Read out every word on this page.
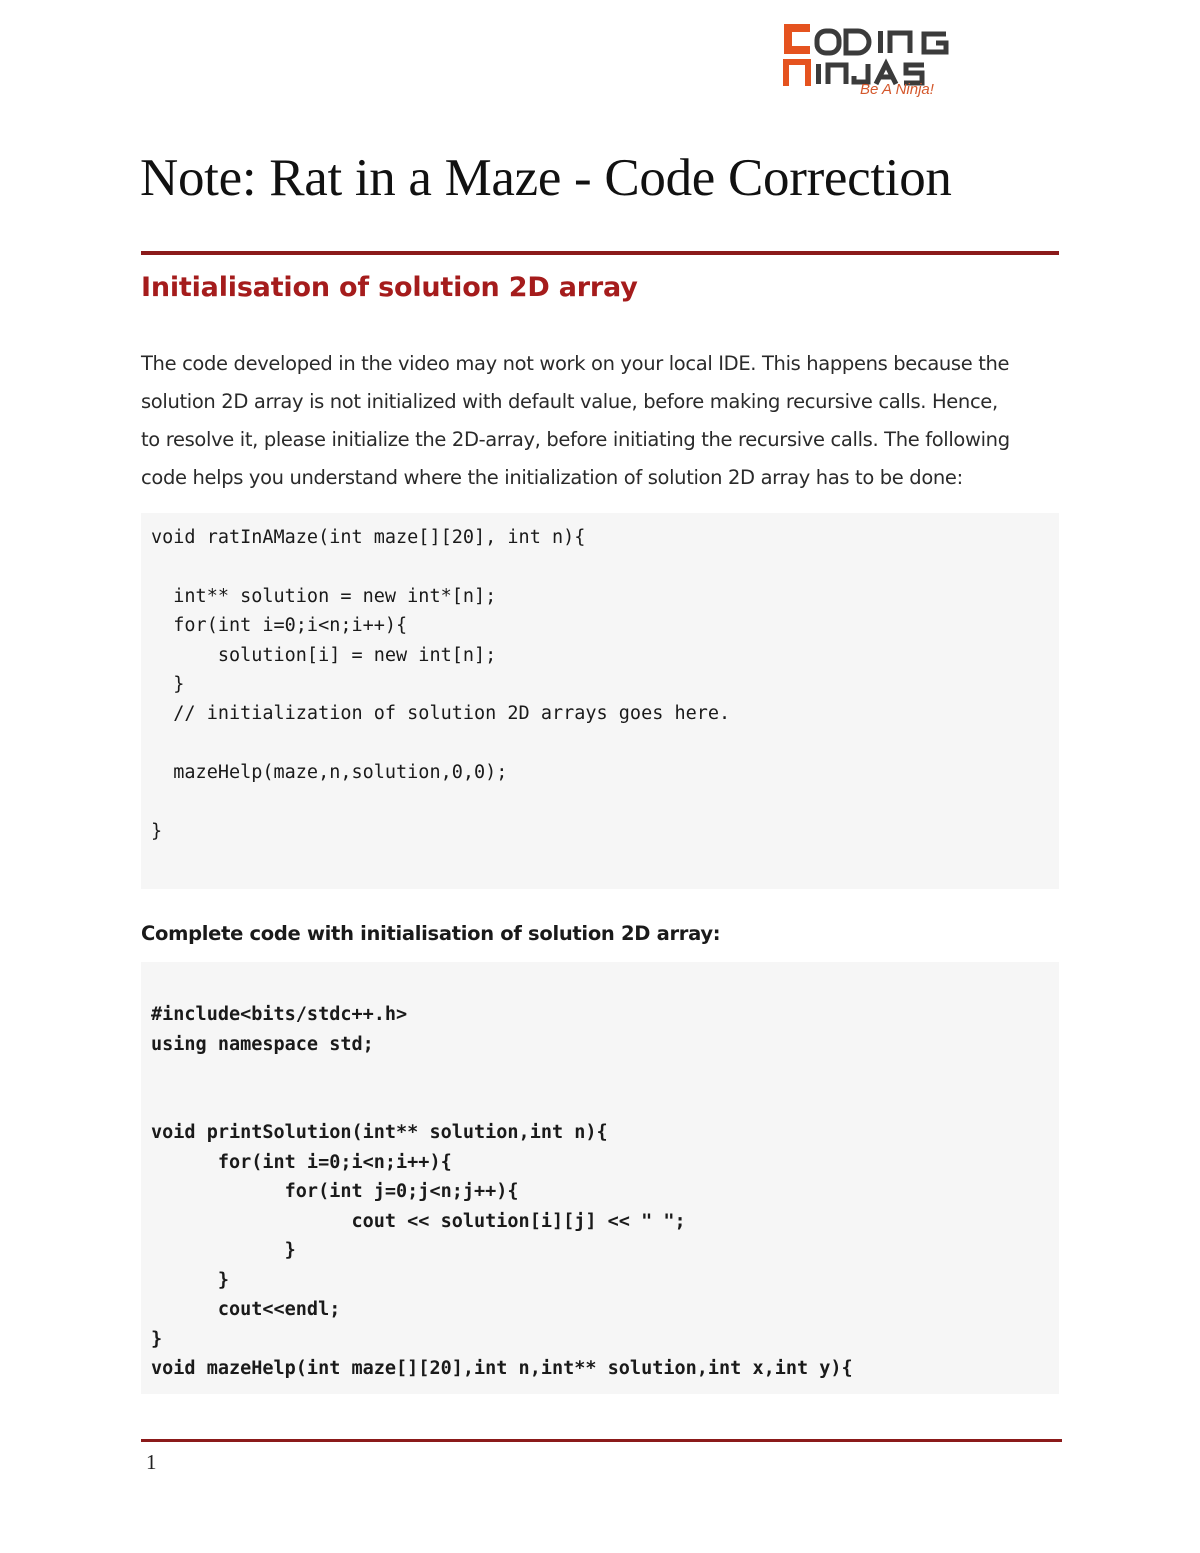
Be A Ninja!
Note: Rat in a Maze - Code Correction
Initialisation of solution 2D array

The code developed in the video may not work on your local IDE. This happens because the
solution 2D array is not initialized with default value, before making recursive calls. Hence,
to resolve it, please initialize the 2D-array, before initiating the recursive calls. The following
code helps you understand where the initialization of solution 2D array has to be done:

void ratInAMaze(int maze[][20], int n){
int** solution = new int*[n];
for(int i=0;i<n;i++){
solution[i] = new int[n];
}
// initialization of solution 2D arrays goes here.
mazeHelp(maze,n,solution,0,0);
}
Complete code with initialisation of solution 2D array:
#include<bits/stdc++.h>
using namespace std;
void printSolution(int** solution,int n){
for(int i=0;i<n;i++){
for(int j=0;j<n;j++){
cout << solution[i][j] << " ";
}
}
cout<<endl;
}
void mazeHelp(int maze[][20],int n,int** solution,int x,int y){
1
